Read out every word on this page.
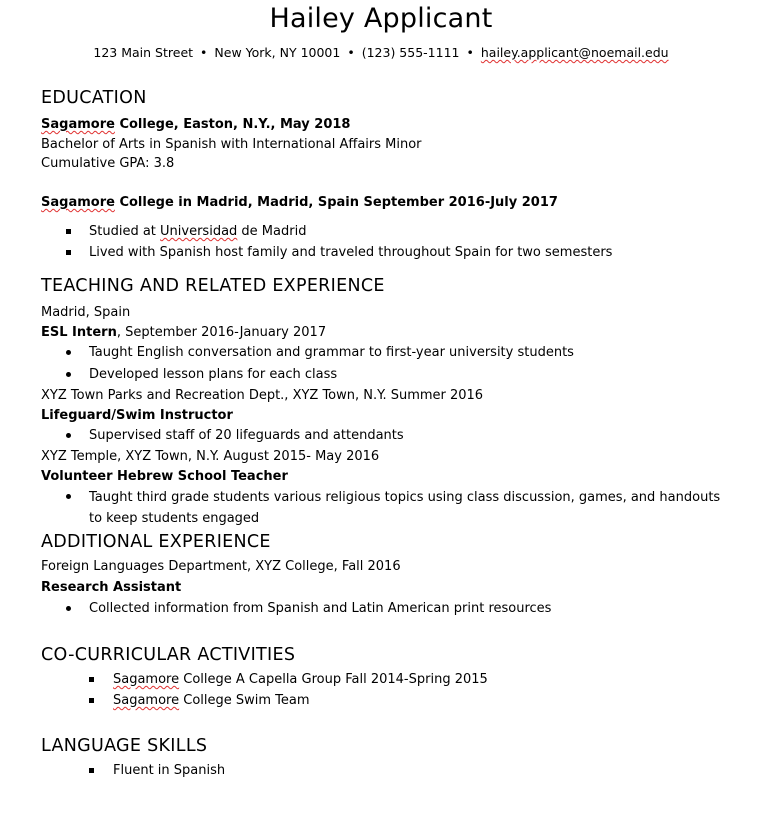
Hailey Applicant
123 Main Street • New York, NY 10001 • (123) 555-1111 • hailey.applicant@noemail.edu
EDUCATION
Sagamore College, Easton, N.Y., May 2018
Bachelor of Arts in Spanish with International Affairs Minor
Cumulative GPA: 3.8
Sagamore College in Madrid, Madrid, Spain September 2016-July 2017
Studied at Universidad de Madrid
Lived with Spanish host family and traveled throughout Spain for two semesters
TEACHING AND RELATED EXPERIENCE
Madrid, Spain
ESL Intern, September 2016-January 2017
Taught English conversation and grammar to first-year university students
Developed lesson plans for each class
XYZ Town Parks and Recreation Dept., XYZ Town, N.Y. Summer 2016
Lifeguard/Swim Instructor
Supervised staff of 20 lifeguards and attendants
XYZ Temple, XYZ Town, N.Y. August 2015- May 2016
Volunteer Hebrew School Teacher
Taught third grade students various religious topics using class discussion, games, and handouts to keep students engaged
ADDITIONAL EXPERIENCE
Foreign Languages Department, XYZ College, Fall 2016
Research Assistant
Collected information from Spanish and Latin American print resources
CO-CURRICULAR ACTIVITIES
Sagamore College A Capella Group Fall 2014-Spring 2015
Sagamore College Swim Team
LANGUAGE SKILLS
Fluent in Spanish
